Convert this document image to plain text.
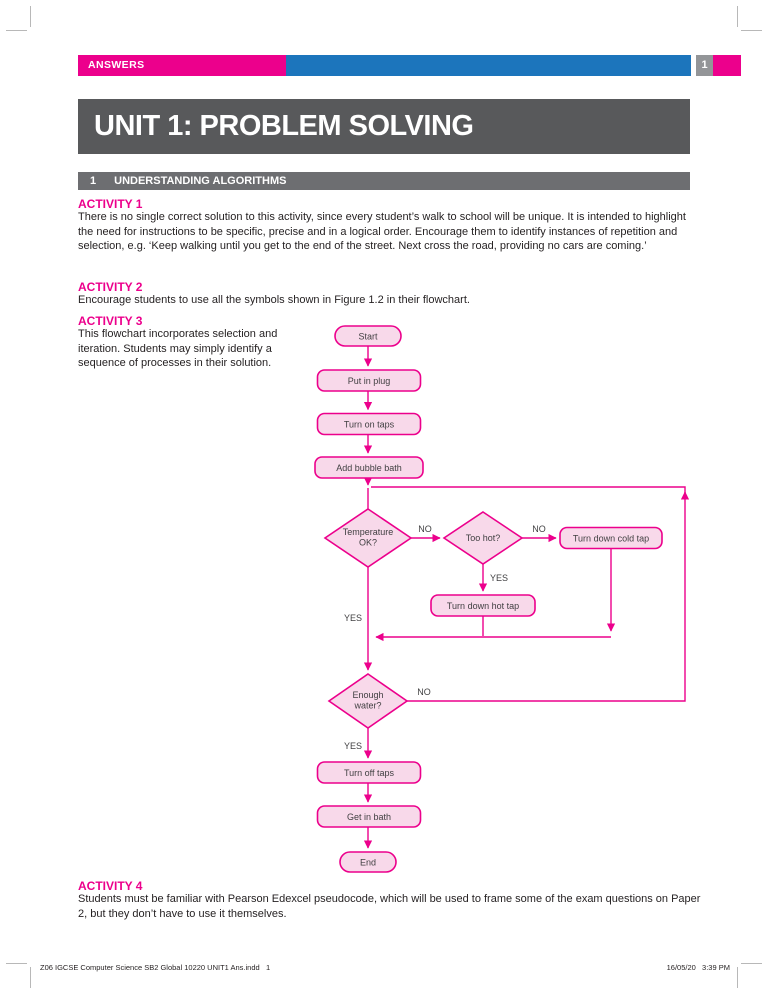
ANSWERS	1
UNIT 1: PROBLEM SOLVING
1 UNDERSTANDING ALGORITHMS
ACTIVITY 1

There is no single correct solution to this activity, since every student’s walk to school will be unique. It is intended to highlight the need for instructions to be specific, precise and in a logical order. Encourage them to identify instances of repetition and selection, e.g. ‘Keep walking until you get to the end of the street. Next cross the road, providing no cars are coming.’

ACTIVITY 2

Encourage students to use all the symbols shown in Figure 1.2 in their flowchart.

ACTIVITY 3

This flowchart incorporates selection and iteration. Students may simply identify a sequence of processes in their solution.

ACTIVITY 4

Students must be familiar with Pearson Edexcel pseudocode, which will be used to frame some of the exam questions on Paper 2, but they don’t have to use it themselves.

Start
Put in plug
Turn on taps
Add bubble bath
Temperature
OK?	Too hot?	Turn down cold tap
Turn down hot tap
Enough
water?
Turn off taps
Get in bath
End
NO	NO
YES
YES
NO
YES
Z06 IGCSE Computer Science SB2 Global 10220 UNIT1 Ans.indd   1	16/05/20   3:39 PM
